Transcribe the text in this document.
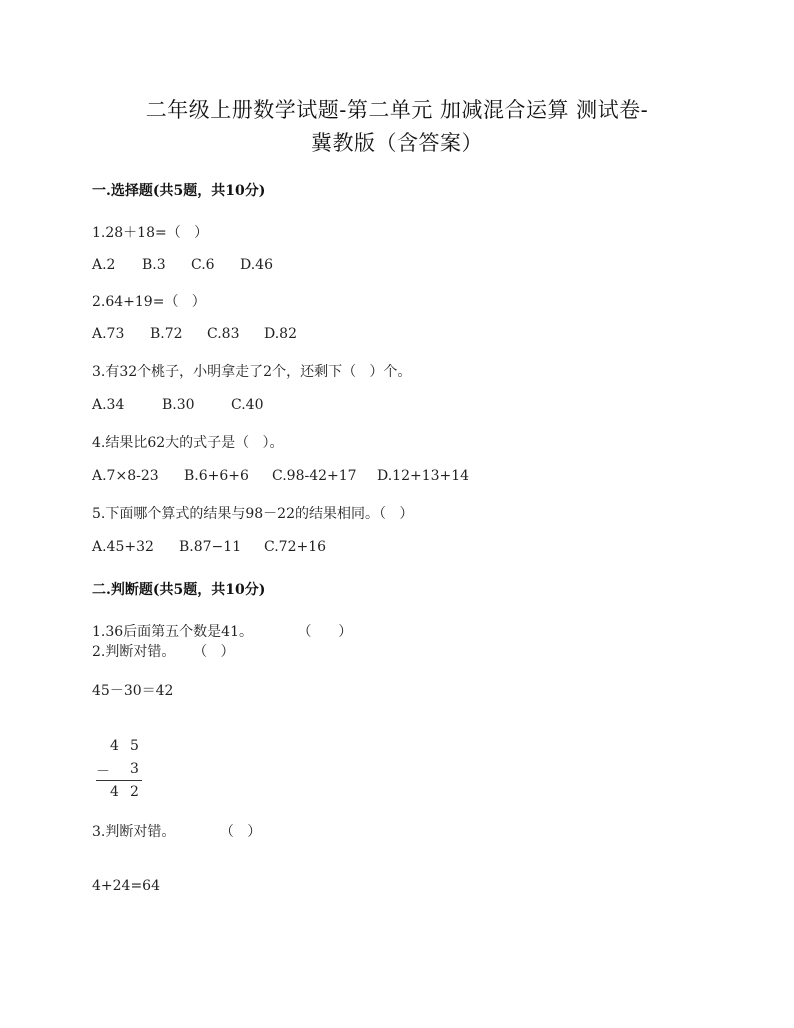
二年级上册数学试题-第二单元 加减混合运算 测试卷-
冀教版（含答案）
一.选择题(共5题，共10分)
1.28＋18=（   ）
A.2	B.3	C.6	D.46
2.64+19=（   ）
A.73	B.72	C.83	D.82
3.有32个桃子，小明拿走了2个，还剩下（   ）个。
A.34	B.30	C.40
4.结果比62大的式子是（   ）。
A.7×8-23	B.6+6+6	C.98-42+17	D.12+13+14
5.下面哪个算式的结果与98－22的结果相同。（   ）
A.45+32	B.87−11	C.72+16
二.判断题(共5题，共10分)
1.36后面第五个数是41。          （      ）
2.判断对错。    （   ）
45－30＝42
4 5
－ 3
4 2
3.判断对错。          （   ）
4+24=64
